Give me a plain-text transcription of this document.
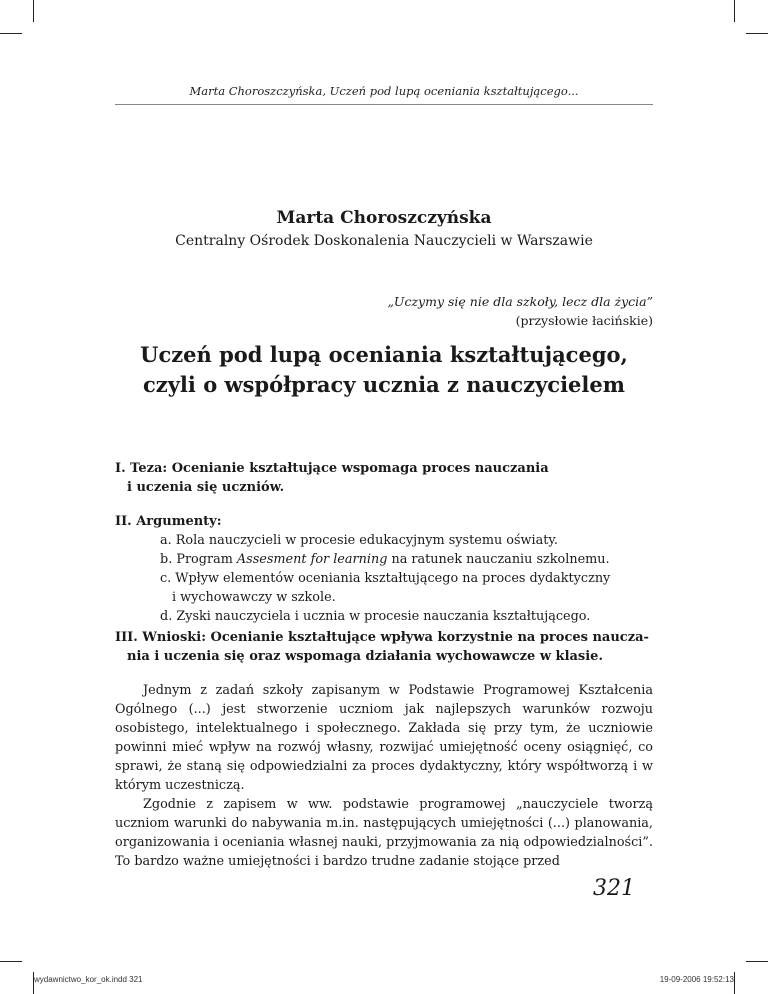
Marta Choroszczyńska, Uczeń pod lupą oceniania kształtującego...
Marta Choroszczyńska
Centralny Ośrodek Doskonalenia Nauczycieli w Warszawie
„Uczymy się nie dla szkoły, lecz dla życia”
(przysłowie łacińskie)
Uczeń pod lupą oceniania kształtującego,
czyli o współpracy ucznia z nauczycielem
I. Teza: Ocenianie kształtujące wspomaga proces nauczania
i uczenia się uczniów.
II. Argumenty:
a. Rola nauczycieli w procesie edukacyjnym systemu oświaty.
b. Program Assesment for learning na ratunek nauczaniu szkolnemu.
c. Wpływ elementów oceniania kształtującego na proces dydaktyczny
i wychowawczy w szkole.
d. Zyski nauczyciela i ucznia w procesie nauczania kształtującego.
III. Wnioski: Ocenianie kształtujące wpływa korzystnie na proces naucza-
nia i uczenia się oraz wspomaga działania wychowawcze w klasie.

Jednym z zadań szkoły zapisanym w Podstawie Programowej Kształcenia Ogólnego (...) jest stworzenie uczniom jak najlepszych warunków rozwoju osobistego, intelektualnego i społecznego. Zakłada się przy tym, że uczniowie powinni mieć wpływ na rozwój własny, rozwijać umiejętność oceny osiągnięć, co sprawi, że staną się odpowiedzialni za proces dydaktyczny, który współtworzą i w którym uczestniczą.

Zgodnie z zapisem w ww. podstawie programowej „nauczyciele tworzą uczniom warunki do nabywania m.in. następujących umiejętności (...) planowania, organizowania i oceniania własnej nauki, przyjmowania za nią odpowiedzialności”. To bardzo ważne umiejętności i bardzo trudne zadanie stojące przed

321
wydawnictwo_kor_ok.indd 321	19-09-2006 19:52:13
